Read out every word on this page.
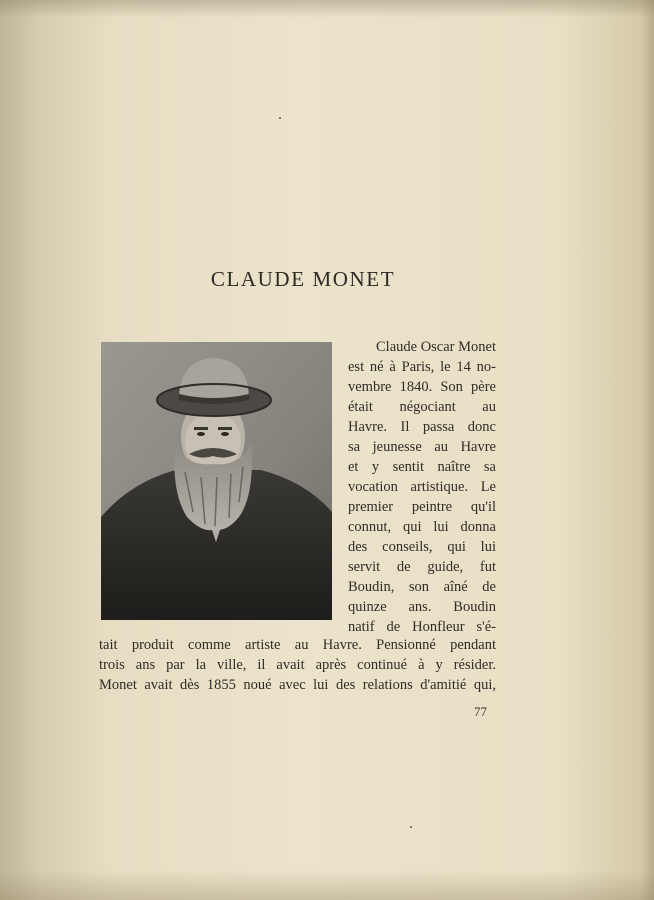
CLAUDE MONET
Claude Oscar Monet
est né à Paris, le 14 no-
vembre 1840. Son père
était négociant au
Havre. Il passa donc
sa jeunesse au Havre
et y sentit naître sa
vocation artistique. Le
premier peintre qu'il
connut, qui lui donna
des conseils, qui lui
servit de guide, fut
Boudin, son aîné de
quinze ans. Boudin
natif de Honfleur s'é-
tait produit comme artiste au Havre. Pensionné pendant
trois ans par la ville, il avait après continué à y résider.
Monet avait dès 1855 noué avec lui des relations d'amitié qui,
77
